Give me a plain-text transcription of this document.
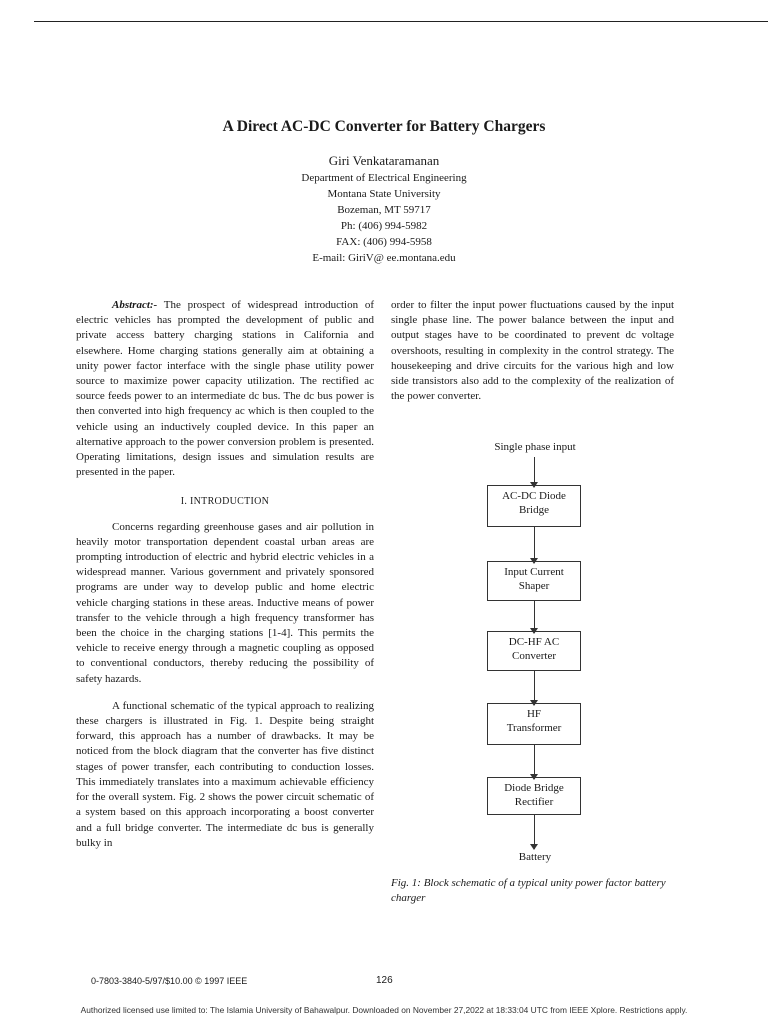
A Direct AC-DC Converter for Battery Chargers
Giri Venkataramanan
Department of Electrical Engineering
Montana State University
Bozeman, MT 59717
Ph: (406) 994-5982
FAX: (406) 994-5958
E-mail: GiriV@ ee.montana.edu

Abstract:- The prospect of widespread introduction of electric vehicles has prompted the development of public and private access battery charging stations in California and elsewhere. Home charging stations generally aim at obtaining a unity power factor interface with the single phase utility power source to maximize power capacity utilization. The rectified ac source feeds power to an intermediate dc bus. The dc bus power is then converted into high frequency ac which is then coupled to the vehicle using an inductively coupled device. In this paper an alternative approach to the power conversion problem is presented. Operating limitations, design issues and simulation results are presented in the paper.

I. INTRODUCTION

Concerns regarding greenhouse gases and air pollution in heavily motor transportation dependent coastal urban areas are prompting introduction of electric and hybrid electric vehicles in a widespread manner. Various government and privately sponsored programs are under way to develop public and home electric vehicle charging stations in these areas. Inductive means of power transfer to the vehicle through a high frequency transformer has been the choice in the charging stations [1-4]. This permits the vehicle to receive energy through a magnetic coupling as opposed to conventional conductors, thereby reducing the possibility of safety hazards.

A functional schematic of the typical approach to realizing these chargers is illustrated in Fig. 1. Despite being straight forward, this approach has a number of drawbacks. It may be noticed from the block diagram that the converter has five distinct stages of power transfer, each contributing to conduction losses. This immediately translates into a maximum achievable efficiency for the overall system. Fig. 2 shows the power circuit schematic of a system based on this approach incorporating a boost converter and a full bridge converter. The intermediate dc bus is generally bulky in

order to filter the input power fluctuations caused by the input single phase line. The power balance between the input and output stages have to be coordinated to prevent dc voltage overshoots, resulting in complexity in the control strategy. The housekeeping and drive circuits for the various high and low side transistors also add to the complexity of the realization of the power converter.

Single phase input
AC-DC Diode
Bridge
Input Current
Shaper
DC-HF AC
Converter
HF
Transformer
Diode Bridge
Rectifier
Battery
Fig. 1: Block schematic of a typical unity power factor battery charger
0-7803-3840-5/97/$10.00 © 1997 IEEE	126
Authorized licensed use limited to: The Islamia University of Bahawalpur. Downloaded on November 27,2022 at 18:33:04 UTC from IEEE Xplore. Restrictions apply.
